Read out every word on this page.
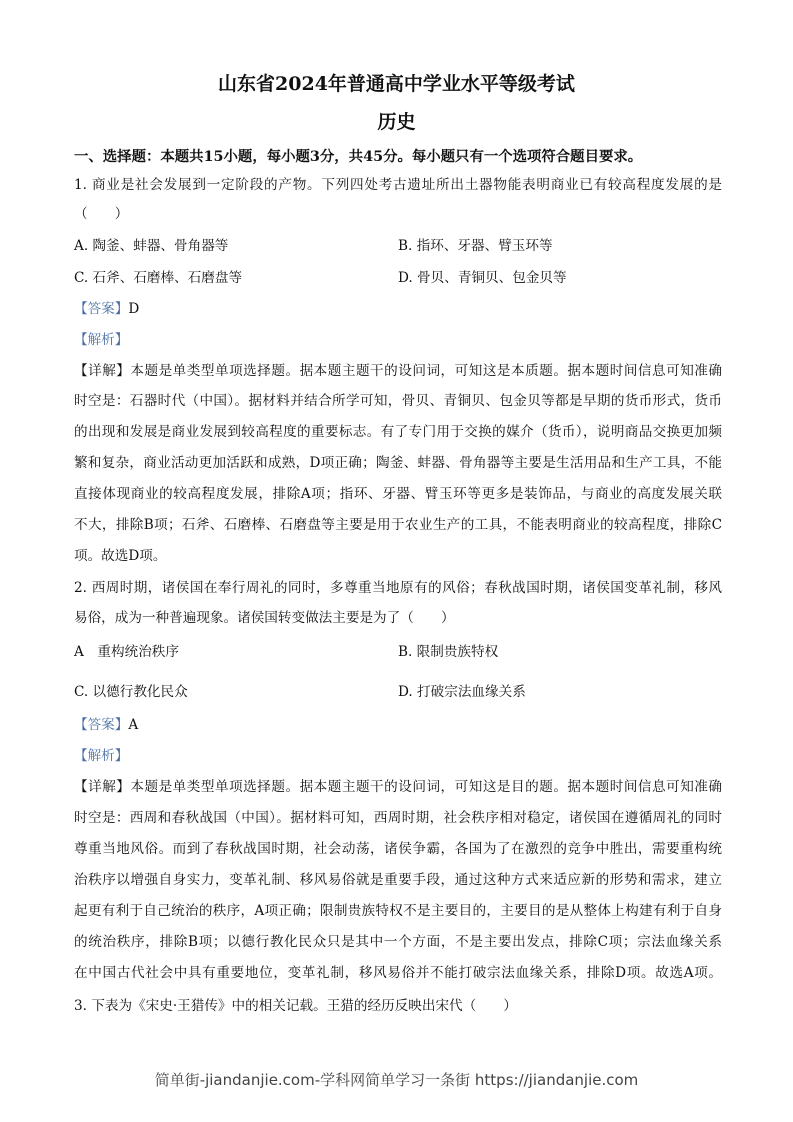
山东省2024年普通高中学业水平等级考试
历史
一、选择题：本题共15小题，每小题3分，共45分。每小题只有一个选项符合题目要求。
1. 商业是社会发展到一定阶段的产物。下列四处考古遗址所出土器物能表明商业已有较高程度发展的是
（　　）
A. 陶釜、蚌器、骨角器等	B. 指环、牙器、臂玉环等
C. 石斧、石磨棒、石磨盘等	D. 骨贝、青铜贝、包金贝等
【答案】D
【解析】
【详解】本题是单类型单项选择题。据本题主题干的设问词，可知这是本质题。据本题时间信息可知准确
时空是：石器时代（中国）。据材料并结合所学可知，骨贝、青铜贝、包金贝等都是早期的货币形式，货币
的出现和发展是商业发展到较高程度的重要标志。有了专门用于交换的媒介（货币），说明商品交换更加频
繁和复杂，商业活动更加活跃和成熟，D项正确；陶釜、蚌器、骨角器等主要是生活用品和生产工具，不能
直接体现商业的较高程度发展，排除A项；指环、牙器、臂玉环等更多是装饰品，与商业的高度发展关联
不大，排除B项；石斧、石磨棒、石磨盘等主要是用于农业生产的工具，不能表明商业的较高程度，排除C
项。故选D项。
2. 西周时期，诸侯国在奉行周礼的同时，多尊重当地原有的风俗；春秋战国时期，诸侯国变革礼制，移风
易俗，成为一种普遍现象。诸侯国转变做法主要是为了（　　）
A　重构统治秩序	B. 限制贵族特权
C. 以德行教化民众	D. 打破宗法血缘关系
【答案】A
【解析】
【详解】本题是单类型单项选择题。据本题主题干的设问词，可知这是目的题。据本题时间信息可知准确
时空是：西周和春秋战国（中国）。据材料可知，西周时期，社会秩序相对稳定，诸侯国在遵循周礼的同时
尊重当地风俗。而到了春秋战国时期，社会动荡，诸侯争霸，各国为了在激烈的竞争中胜出，需要重构统
治秩序以增强自身实力，变革礼制、移风易俗就是重要手段，通过这种方式来适应新的形势和需求，建立
起更有利于自己统治的秩序，A项正确；限制贵族特权不是主要目的，主要目的是从整体上构建有利于自身
的统治秩序，排除B项；以德行教化民众只是其中一个方面，不是主要出发点，排除C项；宗法血缘关系
在中国古代社会中具有重要地位，变革礼制，移风易俗并不能打破宗法血缘关系，排除D项。故选A项。
3. 下表为《宋史·王猎传》中的相关记载。王猎的经历反映出宋代（　　）
简单街-jiandanjie.com-学科网简单学习一条街 https://jiandanjie.com
